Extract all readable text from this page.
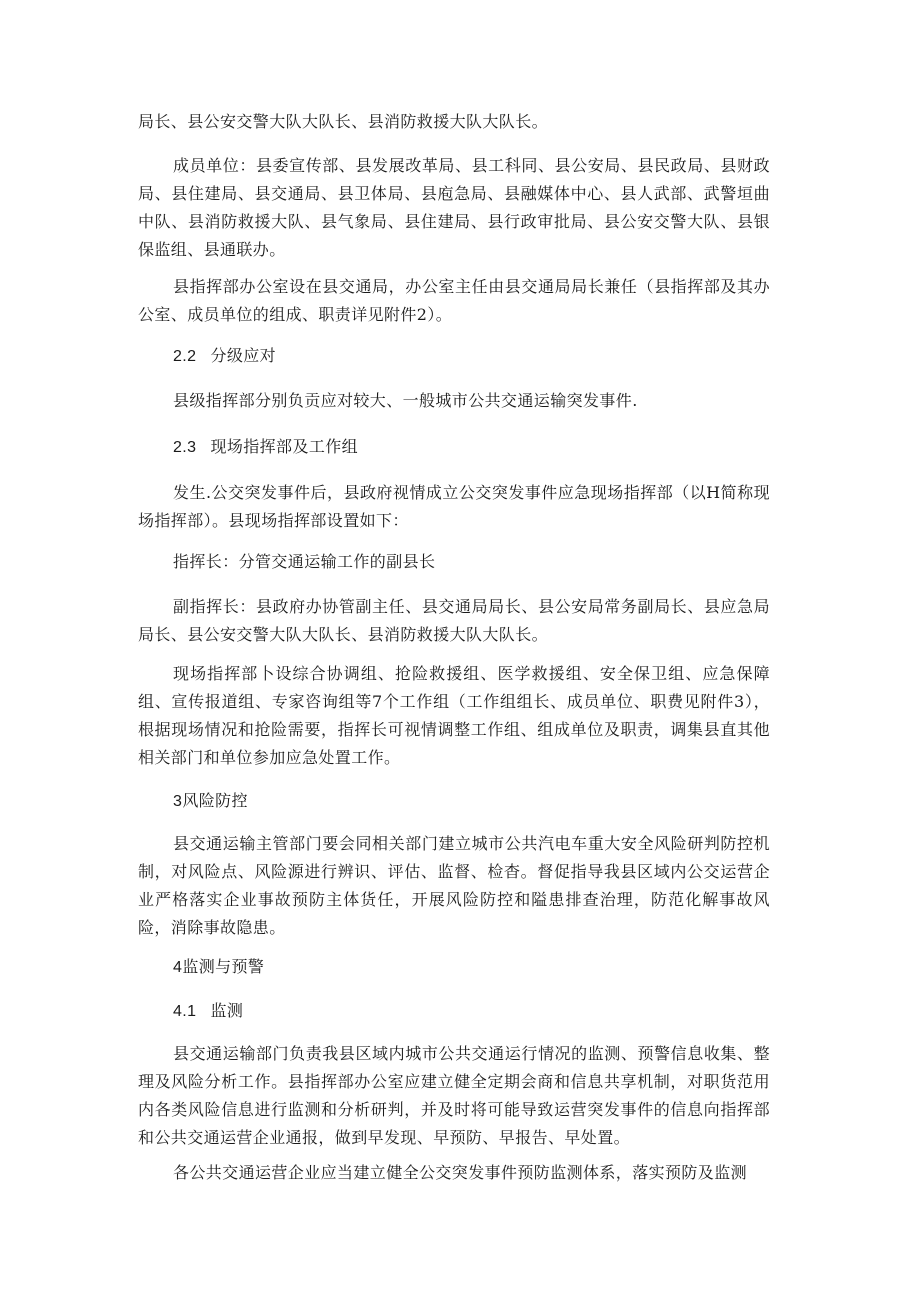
局长、县公安交警大队大队长、县消防救援大队大队长。

成员单位：县委宣传部、县发展改革局、县工科同、县公安局、县民政局、县财政局、县住建局、县交通局、县卫体局、县庖急局、县融媒体中心、县人武部、武警垣曲中队、县消防救援大队、县气象局、县住建局、县行政审批局、县公安交警大队、县银保监组、县通联办。

县指挥部办公室设在县交通局，办公室主任由县交通局局长兼任（县指挥部及其办公室、成员单位的组成、职责详见附件2）。

2.2 分级应对

县级指挥部分别负贡应对较大、一般城市公共交通运输突发事件.

2.3 现场指挥部及工作组

发生.公交突发事件后，县政府视情成立公交突发事件应急现场指挥部（以H简称现场指挥部）。县现场指挥部设置如下：

指挥长：分管交通运输工作的副县长

副指挥长：县政府办协管副主任、县交通局局长、县公安局常务副局长、县应急局局长、县公安交警大队大队长、县消防救援大队大队长。

现场指挥部卜设综合协调组、抢险救援组、医学救援组、安全保卫组、应急保障组、宣传报道组、专家咨询组等7个工作组（工作组组长、成员单位、职费见附件3），根据现场情况和抢险需要，指挥长可视情调整工作组、组成单位及职责，调集县直其他相关部门和单位参加应急处置工作。

3风险防控

县交通运输主管部门要会同相关部门建立城市公共汽电车重大安全风险研判防控机制，对风险点、风险源进行辨识、评估、监督、检杳。督促指导我县区域内公交运营企业严格落实企业事故预防主体货任，开展风险防控和隘患排查治理，防范化解事故风险，消除事故隐患。

4监测与预警
4.1 监测

县交通运输部门负责我县区域内城市公共交通运行情况的监测、预警信息收集、整理及风险分析工作。县指挥部办公室应建立健全定期会商和信息共享机制，对职货范用内各类风险信息进行监测和分析研判，并及时将可能导致运营突发事件的信息向指挥部和公共交通运营企业通报，做到早发现、早预防、早报告、早处置。

各公共交通运营企业应当建立健全公交突发事件预防监测体系，落实预防及监测
